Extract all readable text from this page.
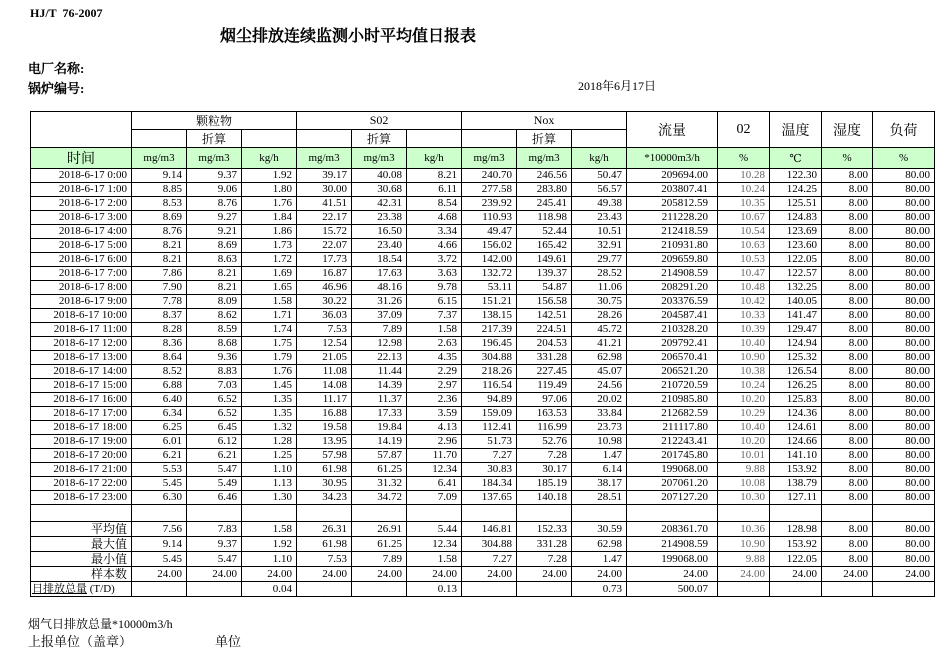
HJ/T  76-2007
烟尘排放连续监测小时平均值日报表
电厂名称:
锅炉编号:	2018年6月17日
	颗粒物			S02			Nox			流量	02	温度	湿度	负荷
		折算			折算			折算						
时间	mg/m3	mg/m3	kg/h	mg/m3	mg/m3	kg/h	mg/m3	mg/m3	kg/h	*10000m3/h	%	℃	%	%
2018-6-17 0:00	9.14	9.37	1.92	39.17	40.08	8.21	240.70	246.56	50.47	209694.00	10.28	122.30	8.00	80.00
2018-6-17 1:00	8.85	9.06	1.80	30.00	30.68	6.11	277.58	283.80	56.57	203807.41	10.24	124.25	8.00	80.00
2018-6-17 2:00	8.53	8.76	1.76	41.51	42.31	8.54	239.92	245.41	49.38	205812.59	10.35	125.51	8.00	80.00
2018-6-17 3:00	8.69	9.27	1.84	22.17	23.38	4.68	110.93	118.98	23.43	211228.20	10.67	124.83	8.00	80.00
2018-6-17 4:00	8.76	9.21	1.86	15.72	16.50	3.34	49.47	52.44	10.51	212418.59	10.54	123.69	8.00	80.00
2018-6-17 5:00	8.21	8.69	1.73	22.07	23.40	4.66	156.02	165.42	32.91	210931.80	10.63	123.60	8.00	80.00
2018-6-17 6:00	8.21	8.63	1.72	17.73	18.54	3.72	142.00	149.61	29.77	209659.80	10.53	122.05	8.00	80.00
2018-6-17 7:00	7.86	8.21	1.69	16.87	17.63	3.63	132.72	139.37	28.52	214908.59	10.47	122.57	8.00	80.00
2018-6-17 8:00	7.90	8.21	1.65	46.96	48.16	9.78	53.11	54.87	11.06	208291.20	10.48	132.25	8.00	80.00
2018-6-17 9:00	7.78	8.09	1.58	30.22	31.26	6.15	151.21	156.58	30.75	203376.59	10.42	140.05	8.00	80.00
2018-6-17 10:00	8.37	8.62	1.71	36.03	37.09	7.37	138.15	142.51	28.26	204587.41	10.33	141.47	8.00	80.00
2018-6-17 11:00	8.28	8.59	1.74	7.53	7.89	1.58	217.39	224.51	45.72	210328.20	10.39	129.47	8.00	80.00
2018-6-17 12:00	8.36	8.68	1.75	12.54	12.98	2.63	196.45	204.53	41.21	209792.41	10.40	124.94	8.00	80.00
2018-6-17 13:00	8.64	9.36	1.79	21.05	22.13	4.35	304.88	331.28	62.98	206570.41	10.90	125.32	8.00	80.00
2018-6-17 14:00	8.52	8.83	1.76	11.08	11.44	2.29	218.26	227.45	45.07	206521.20	10.38	126.54	8.00	80.00
2018-6-17 15:00	6.88	7.03	1.45	14.08	14.39	2.97	116.54	119.49	24.56	210720.59	10.24	126.25	8.00	80.00
2018-6-17 16:00	6.40	6.52	1.35	11.17	11.37	2.36	94.89	97.06	20.02	210985.80	10.20	125.83	8.00	80.00
2018-6-17 17:00	6.34	6.52	1.35	16.88	17.33	3.59	159.09	163.53	33.84	212682.59	10.29	124.36	8.00	80.00
2018-6-17 18:00	6.25	6.45	1.32	19.58	19.84	4.13	112.41	116.99	23.73	211117.80	10.40	124.61	8.00	80.00
2018-6-17 19:00	6.01	6.12	1.28	13.95	14.19	2.96	51.73	52.76	10.98	212243.41	10.20	124.66	8.00	80.00
2018-6-17 20:00	6.21	6.21	1.25	57.98	57.87	11.70	7.27	7.28	1.47	201745.80	10.01	141.10	8.00	80.00
2018-6-17 21:00	5.53	5.47	1.10	61.98	61.25	12.34	30.83	30.17	6.14	199068.00	9.88	153.92	8.00	80.00
2018-6-17 22:00	5.45	5.49	1.13	30.95	31.32	6.41	184.34	185.19	38.17	207061.20	10.08	138.79	8.00	80.00
2018-6-17 23:00	6.30	6.46	1.30	34.23	34.72	7.09	137.65	140.18	28.51	207127.20	10.30	127.11	8.00	80.00

平均值	7.56	7.83	1.58	26.31	26.91	5.44	146.81	152.33	30.59	208361.70	10.36	128.98	8.00	80.00
最大值	9.14	9.37	1.92	61.98	61.25	12.34	304.88	331.28	62.98	214908.59	10.90	153.92	8.00	80.00
最小值	5.45	5.47	1.10	7.53	7.89	1.58	7.27	7.28	1.47	199068.00	9.88	122.05	8.00	80.00
样本数	24.00	24.00	24.00	24.00	24.00	24.00	24.00	24.00	24.00	24.00	24.00	24.00	24.00	24.00
日排放总量 (T/D)			0.04			0.13			0.73	500.07				
烟气日排放总量*10000m3/h
上报单位（盖章）	单位
